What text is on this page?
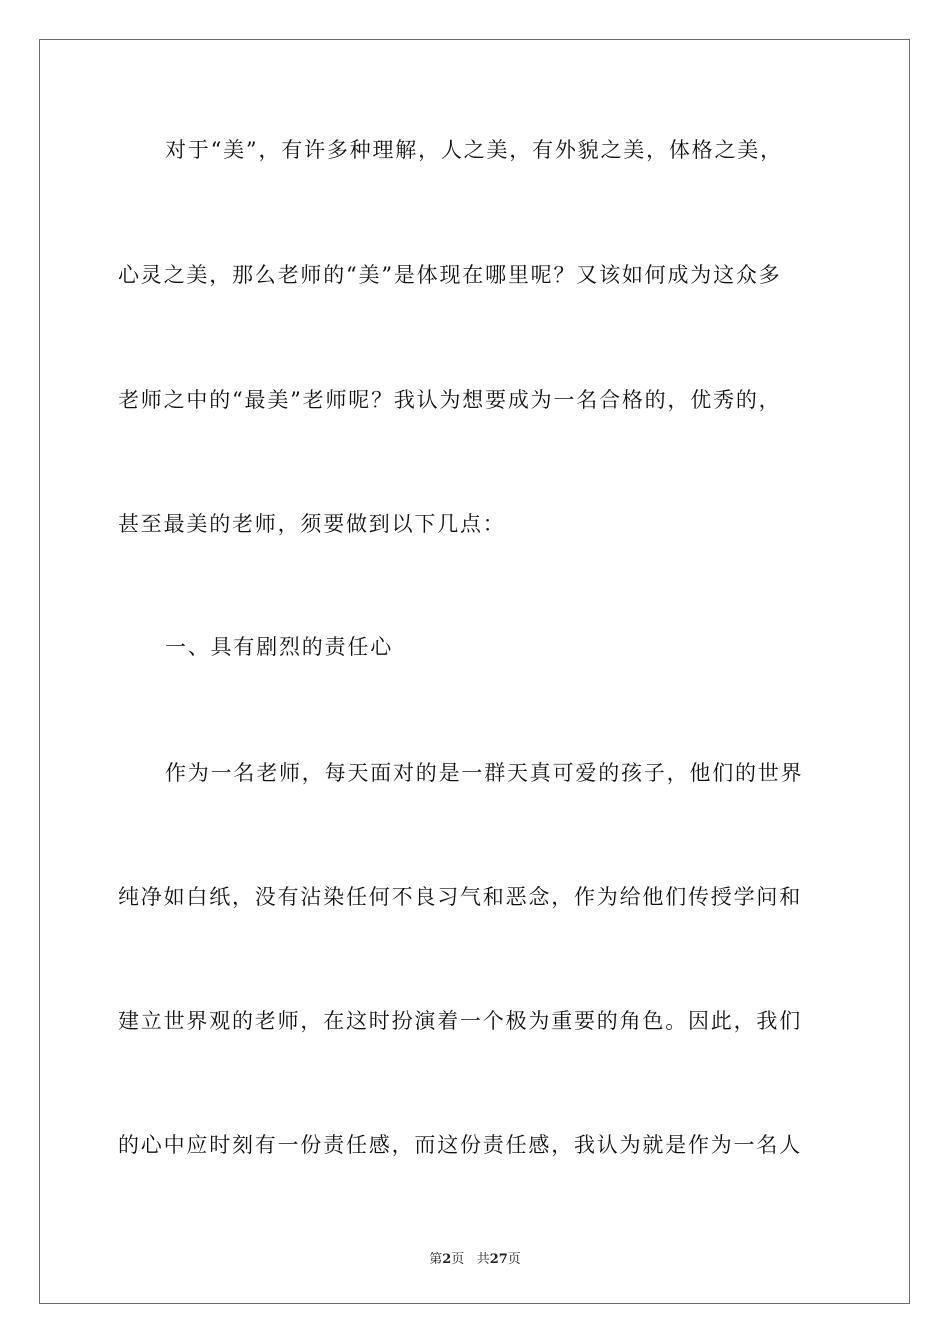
对于“美”，有许多种理解，人之美，有外貌之美，体格之美，
心灵之美，那么老师的“美”是体现在哪里呢？又该如何成为这众多
老师之中的“最美”老师呢？我认为想要成为一名合格的，优秀的，
甚至最美的老师，须要做到以下几点：
一、具有剧烈的责任心
作为一名老师，每天面对的是一群天真可爱的孩子，他们的世界
纯净如白纸，没有沾染任何不良习气和恶念，作为给他们传授学问和
建立世界观的老师，在这时扮演着一个极为重要的角色。因此，我们
的心中应时刻有一份责任感，而这份责任感，我认为就是作为一名人
第2页 共27页
